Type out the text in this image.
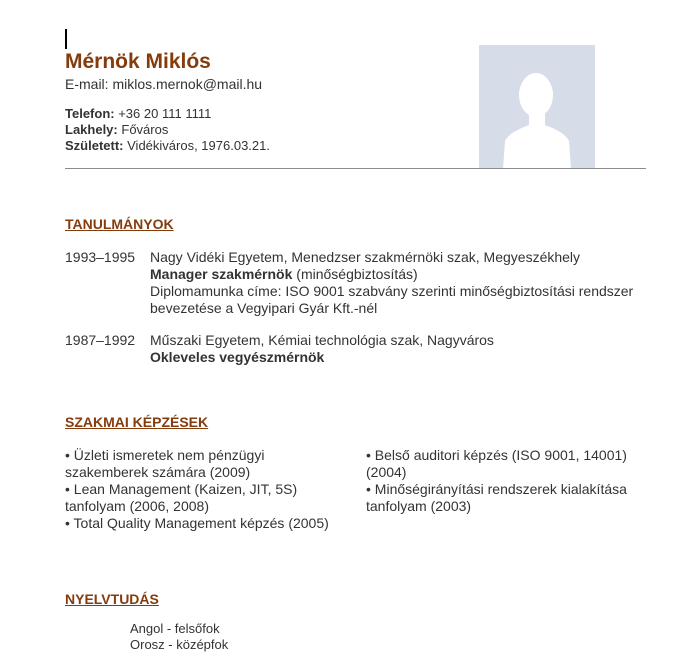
Mérnök Miklós
E-mail: miklos.mernok@mail.hu
Telefon: +36 20 111 1111
Lakhely: Főváros
Született: Vidékiváros, 1976.03.21.
TANULMÁNYOK
1993–1995 Nagy Vidéki Egyetem, Menedzser szakmérnöki szak, Megyeszékhely
Manager szakmérnök (minőségbiztosítás)
Diplomamunka címe: ISO 9001 szabvány szerinti minőségbiztosítási rendszer
bevezetése a Vegyipari Gyár Kft.-nél
1987–1992 Műszaki Egyetem, Kémiai technológia szak, Nagyváros
Okleveles vegyészmérnök
SZAKMAI KÉPZÉSEK
• Üzleti ismeretek nem pénzügyi szakemberek számára (2009)
• Lean Management (Kaizen, JIT, 5S) tanfolyam (2006, 2008)
• Total Quality Management képzés (2005)
• Belső auditori képzés (ISO 9001, 14001) (2004)
• Minőségirányítási rendszerek kialakítása tanfolyam (2003)
NYELVTUDÁS
Angol - felsőfok
Orosz - középfok
